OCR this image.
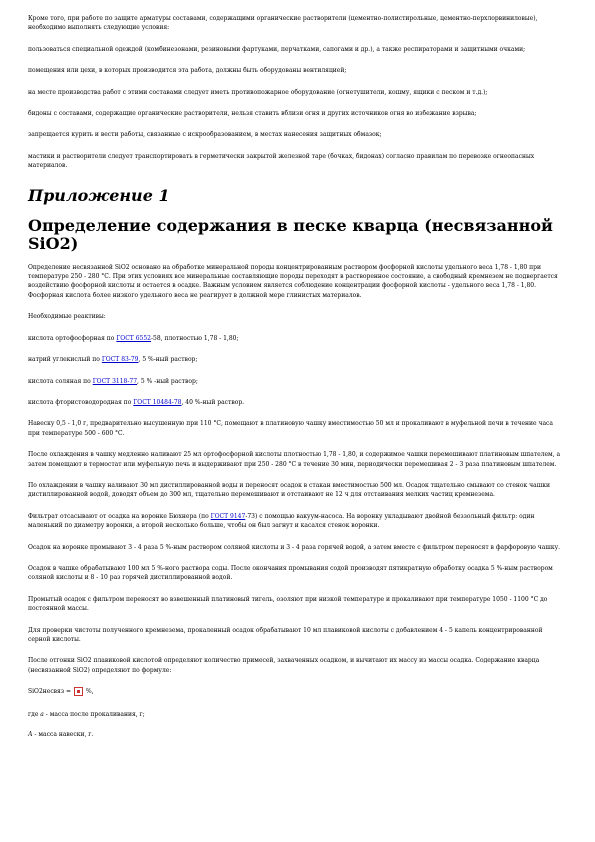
Кроме того, при работе по защите арматуры составами, содержащими органические растворители (цементно-полистирольные, цементно-перхлорвиниловые), необходимо выполнять следующие условия:

пользоваться специальной одеждой (комбинезонами, резиновыми фартуками, перчатками, сапогами и др.), а также респираторами и защитными очками;

помещения или цехи, в которых производится эта работа, должны быть оборудованы вентиляцией;

на месте производства работ с этими составами следует иметь противопожарное оборудование (огнетушители, кошму, ящики с песком и т.д.);

бидоны с составами, содержащие органические растворители, нельзя ставить вблизи огня и других источников огня во избежание взрыва;

запрещается курить и вести работы, связанные с искрообразованием, в местах нанесения защитных обмазок;

мастики и растворители следует транспортировать в герметически закрытой железной таре (бочках, бидонах) согласно правилам по перевозке огнеопасных материалов.

Приложение 1
Определение содержания в песке кварца (несвязанной SiO2)

Определение несвязанной SiO2 основано на обработке минеральной породы концентрированным раствором фосфорной кислоты удельного веса 1,78 - 1,80 при температуре 250 - 280 °С. При этих условиях все минеральные составляющие породы переходят в растворенное состояние, а свободный кремнезем не подвергается воздействию фосфорной кислоты и остается в осадке. Важным условием является соблюдение концентрации фосфорной кислоты - удельного веса 1,78 - 1,80. Фосфорная кислота более низкого удельного веса не реагирует в должной мере глинистых материалов.

Необходимые реактивы:

кислота ортофосфорная по ГОСТ 6552-58, плотностью 1,78 - 1,80;

натрий углекислый по ГОСТ 83-79, 5 %-ный раствор;

кислота соляная по ГОСТ 3118-77, 5 % -ный раствор;

кислота фтористоводородная по ГОСТ 10484-78, 40 %-ный раствор.

Навеску 0,5 - 1,0 г, предварительно высушенную при 110 °С, помещают в платиновую чашку вместимостью 50 мл и прокаливают в муфельной печи в течение часа при температуре 500 - 600 °С.

После охлаждения в чашку медленно наливают 25 мл ортофосфорной кислоты плотностью 1,78 - 1,80, и содержимое чашки перемешивают платиновым шпателем, а затем помещают в термостат или муфельную печь и выдерживают при 250 - 280 °С в течение 30 мин, периодически перемешивая 2 - 3 раза платиновым шпателем.

По охлаждении в чашку наливают 30 мл дистиллированной воды и переносят осадок в стакан вместимостью 500 мл. Осадок тщательно смывают со стенок чашки дистиллированной водой, доводят объем до 300 мл, тщательно перемешивают и отстаивают не 12 ч для отстаивания мелких частиц кремнезема.

Фильтрат отсасывают от осадка на воронке Бюхнера (по ГОСТ 9147-73) с помощью вакуум-насоса. На воронку укладывают двойной беззольный фильтр: один маленький по диаметру воронки, а второй несколько больше, чтобы он был загнут и касался стенок воронки.

Осадок на воронке промывают 3 - 4 раза 5 %-ным раствором соляной кислоты и 3 - 4 раза горячей водой, а затем вместе с фильтром переносят в фарфоровую чашку.

Осадок в чашке обрабатывают 100 мл 5 %-ного раствора соды. После окончания промывания содой производят пятикратную обработку осадка 5 %-ным раствором соляной кислоты и 8 - 10 раз горячей дистиллированной водой.

Промытый осадок с фильтром переносят во взвешенный платиновый тигель, озоляют при низкой температуре и прокаливают при температуре 1050 - 1100 °С до постоянной массы.

Для проверки чистоты полученного кремнезема, прокаленный осадок обрабатывают 10 мл плавиковой кислоты с добавлением 4 - 5 капель концентрированной серной кислоты.

После отгонки SiO2 плавиковой кислотой определяют количество примесей, захваченных осадком, и вычитают их массу из массы осадка. Содержание кварца (несвязанной SiO2) определяют по формуле:

SiO2несвяз =	%,

где а - масса после прокаливания, г;

А - масса навески, г.
